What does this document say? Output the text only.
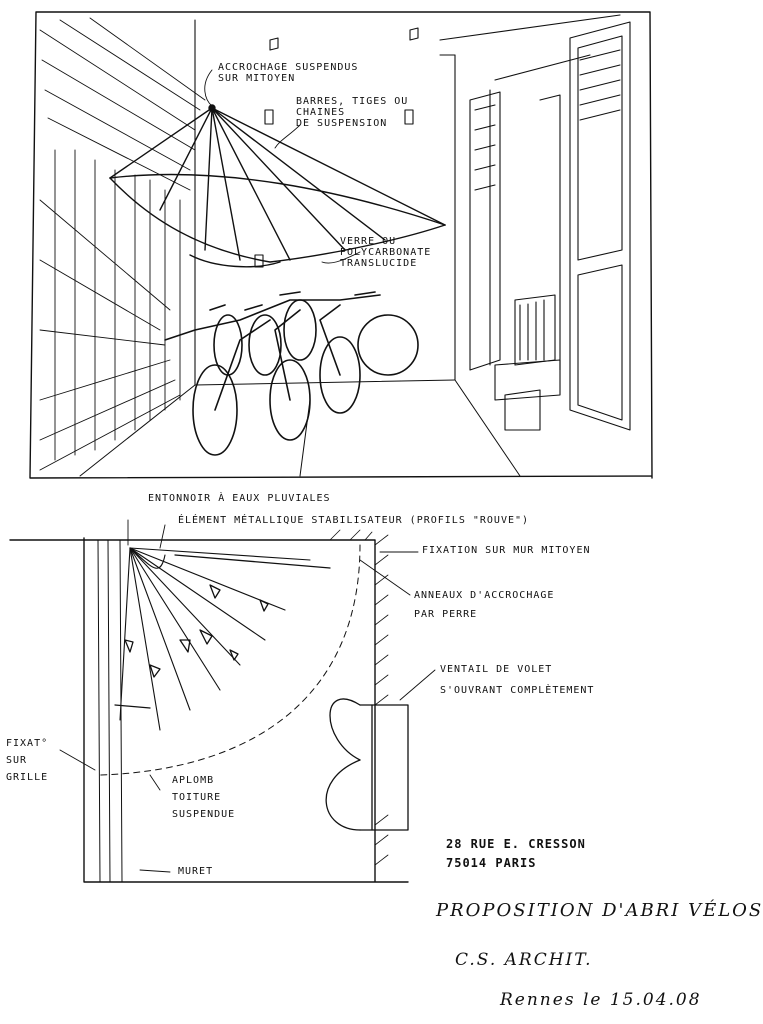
ACCROCHAGE SUSPENDUS
SUR MITOYEN
BARRES, TIGES OU
CHAINES
DE SUSPENSION
VERRE OU
POLYCARBONATE
TRANSLUCIDE
ENTONNOIR À EAUX PLUVIALES
ÉLÉMENT MÉTALLIQUE STABILISATEUR (PROFILS "ROUVE")
FIXATION SUR MUR MITOYEN
ANNEAUX D'ACCROCHAGE
PAR PERRE
VENTAIL DE VOLET
S'OUVRANT COMPLÈTEMENT
FIXAT°
SUR
GRILLE	APLOMB
TOITURE
SUSPENDUE
MURET
28 RUE E. CRESSON
75014 PARIS
PROPOSITION D'ABRI VÉLOS
C.S. ARCHIT.
Rennes le 15.04.08
